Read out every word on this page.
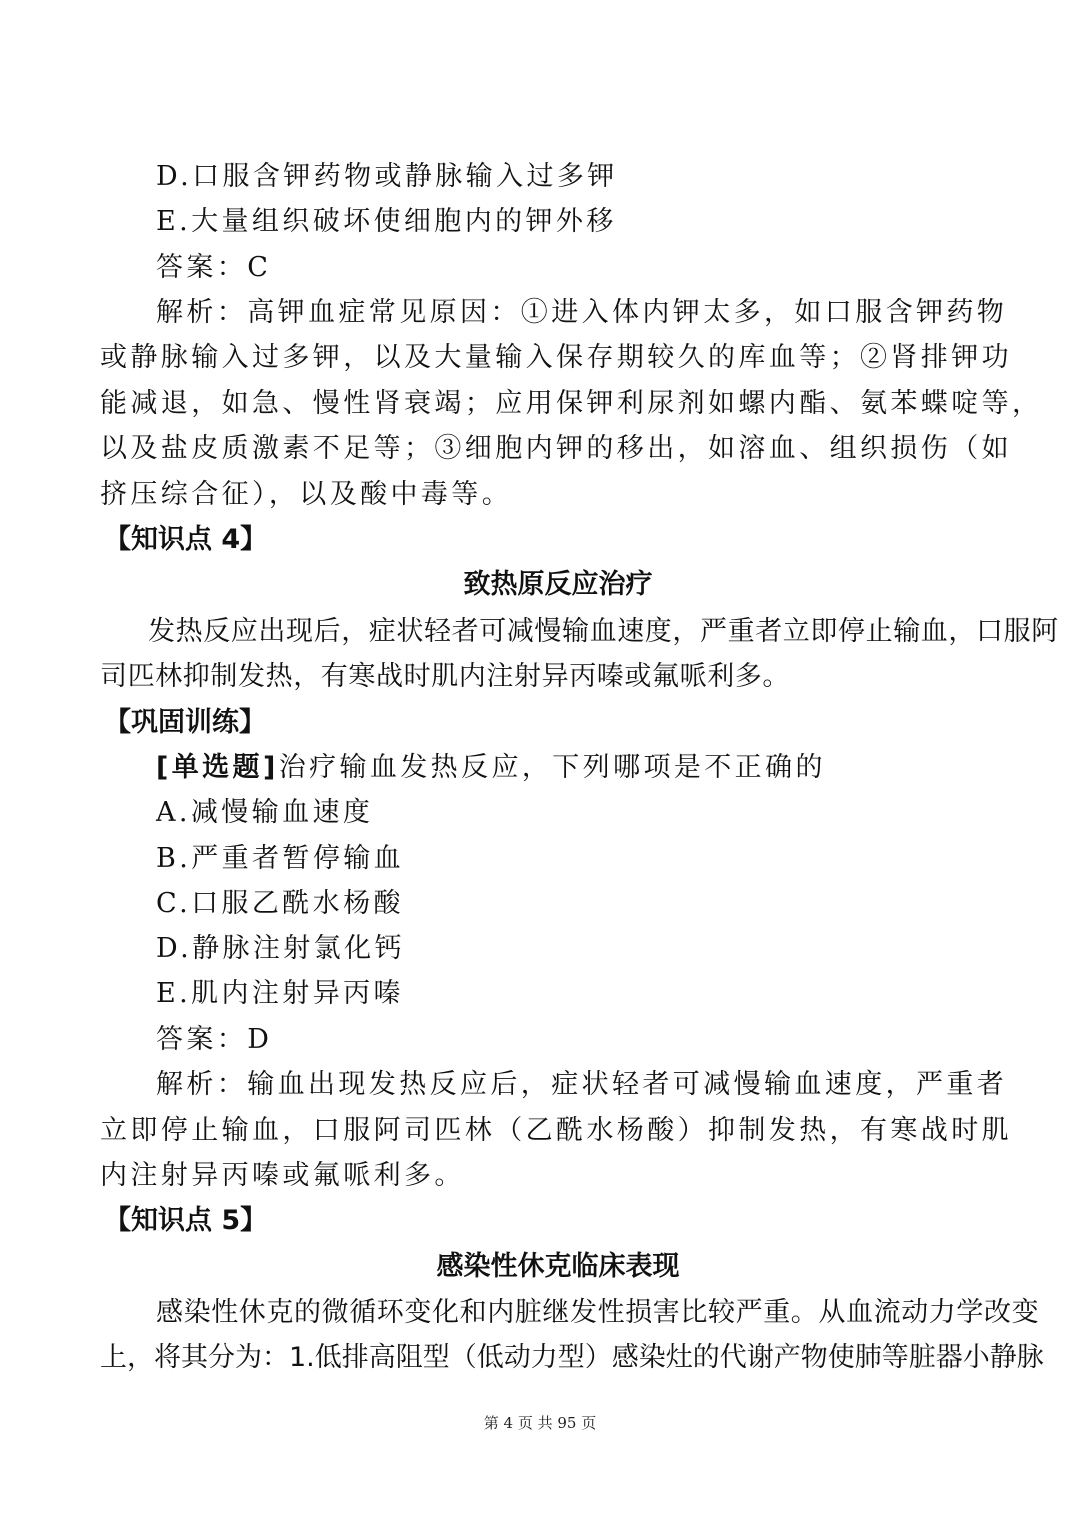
D.口服含钾药物或静脉输入过多钾
E.大量组织破坏使细胞内的钾外移
答案：C
解析：高钾血症常见原因：①进入体内钾太多，如口服含钾药物
或静脉输入过多钾，以及大量输入保存期较久的库血等；②肾排钾功
能减退，如急、慢性肾衰竭；应用保钾利尿剂如螺内酯、氨苯蝶啶等，
以及盐皮质激素不足等；③细胞内钾的移出，如溶血、组织损伤（如
挤压综合征），以及酸中毒等。
【知识点 4】
致热原反应治疗
发热反应出现后，症状轻者可减慢输血速度，严重者立即停止输血，口服阿
司匹林抑制发热，有寒战时肌内注射异丙嗪或氟哌利多。
【巩固训练】
[单选题]治疗输血发热反应，下列哪项是不正确的
A.减慢输血速度
B.严重者暂停输血
C.口服乙酰水杨酸
D.静脉注射氯化钙
E.肌内注射异丙嗪
答案：D
解析：输血出现发热反应后，症状轻者可减慢输血速度，严重者
立即停止输血，口服阿司匹林（乙酰水杨酸）抑制发热，有寒战时肌
内注射异丙嗪或氟哌利多。
【知识点 5】
感染性休克临床表现
感染性休克的微循环变化和内脏继发性损害比较严重。从血流动力学改变
上，将其分为：1.低排高阻型（低动力型）感染灶的代谢产物使肺等脏器小静脉
第 4 页 共 95 页
